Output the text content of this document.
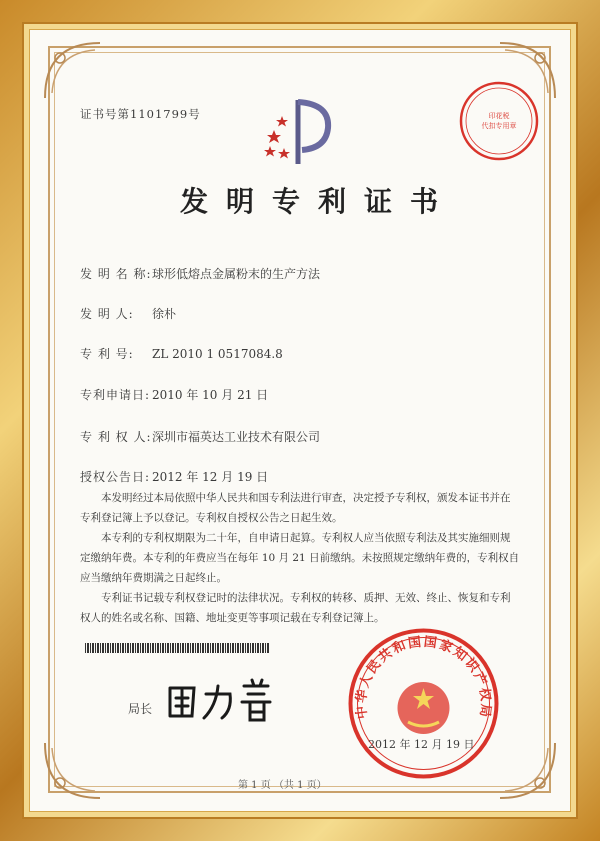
印花税
代扣专用章
证书号第1101799号
发明专利证书
发 明 名 称:球形低熔点金属粉末的生产方法
发 明 人: 徐朴
专 利 号: ZL 2010 1 0517084.8
专利申请日: 2010 年 10 月 21 日
专 利 权 人:深圳市福英达工业技术有限公司
授权公告日: 2012 年 12 月 19 日

本发明经过本局依照中华人民共和国专利法进行审查，决定授予专利权，颁发本证书并在专利登记簿上予以登记。专利权自授权公告之日起生效。

本专利的专利权期限为二十年，自申请日起算。专利权人应当依照专利法及其实施细则规定缴纳年费。本专利的年费应当在每年 10 月 21 日前缴纳。未按照规定缴纳年费的，专利权自应当缴纳年费期满之日起终止。

专利证书记载专利权登记时的法律状况。专利权的转移、质押、无效、终止、恢复和专利权人的姓名或名称、国籍、地址变更等事项记载在专利登记簿上。

局长	中华人民共和国国家知识产权局
2012 年 12 月 19 日
第 1 页 （共 1 页）
